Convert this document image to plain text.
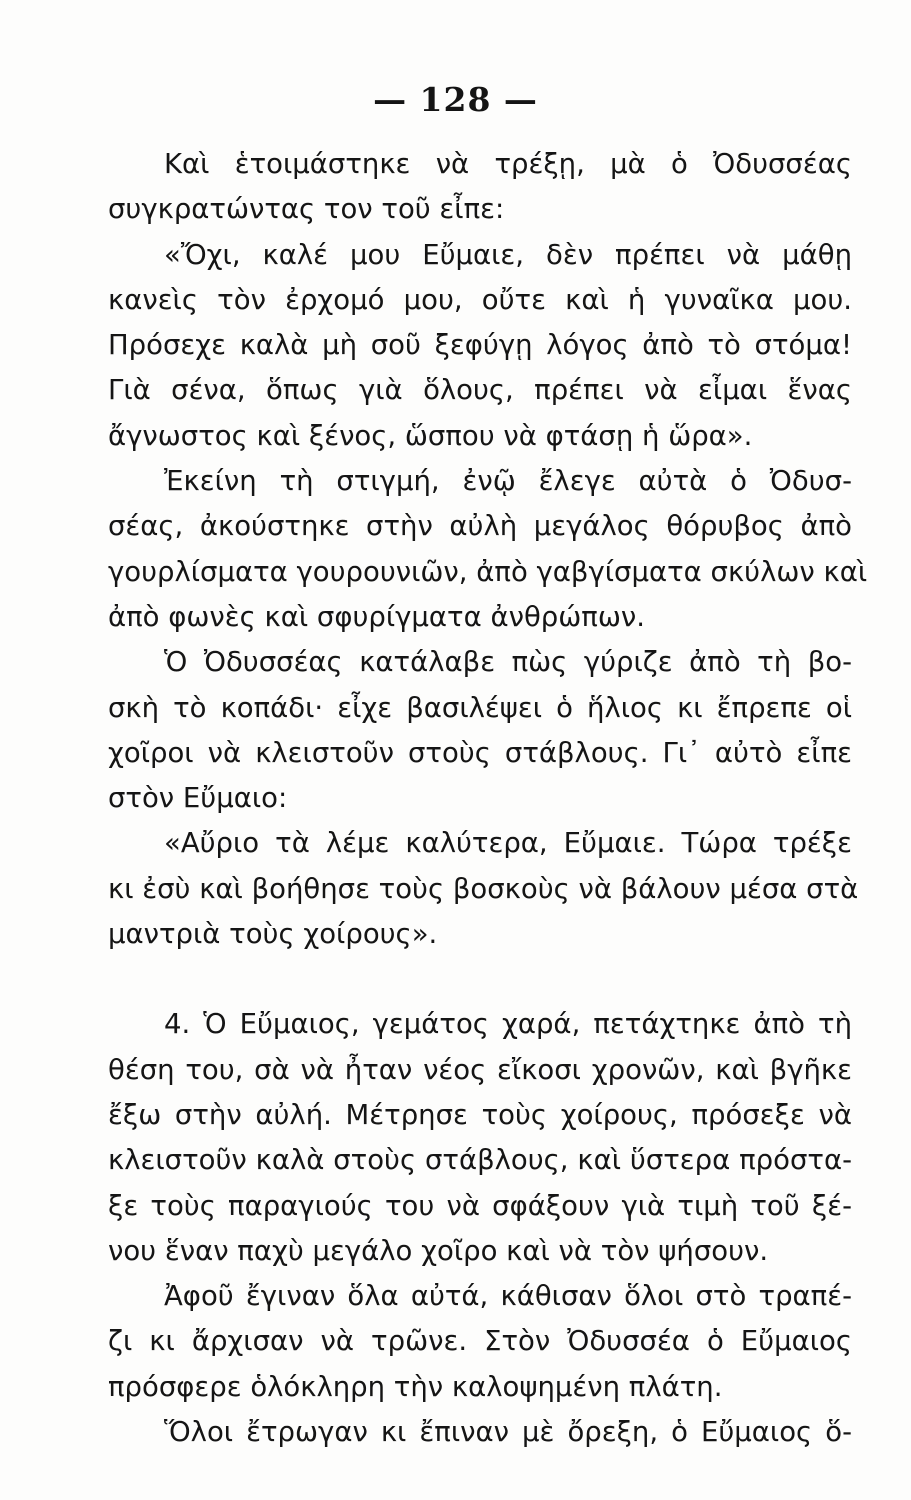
— 128 —
Καὶ ἑτοιμάστηκε νὰ τρέξῃ, μὰ ὁ Ὀδυσσέας
συγκρατώντας τον τοῦ εἶπε:
«Ὄχι, καλέ μου Εὔμαιε, δὲν πρέπει νὰ μάθῃ
κανεὶς τὸν ἐρχομό μου, οὔτε καὶ ἡ γυναῖκα μου.
Πρόσεχε καλὰ μὴ σοῦ ξεφύγῃ λόγος ἀπὸ τὸ στόμα!
Γιὰ σένα, ὅπως γιὰ ὅλους, πρέπει νὰ εἶμαι ἕνας
ἄγνωστος καὶ ξένος, ὥσπου νὰ φτάσῃ ἡ ὥρα».
Ἐκείνη τὴ στιγμή, ἐνῷ ἔλεγε αὐτὰ ὁ Ὀδυσ-
σέας, ἀκούστηκε στὴν αὐλὴ μεγάλος θόρυβος ἀπὸ
γουρλίσματα γουρουνιῶν, ἀπὸ γαβγίσματα σκύλων καὶ
ἀπὸ φωνὲς καὶ σφυρίγματα ἀνθρώπων.
Ὁ Ὀδυσσέας κατάλαβε πὼς γύριζε ἀπὸ τὴ βο-
σκὴ τὸ κοπάδι· εἶχε βασιλέψει ὁ ἥλιος κι ἔπρεπε οἱ
χοῖροι νὰ κλειστοῦν στοὺς στάβλους. Γι᾿ αὐτὸ εἶπε
στὸν Εὔμαιο:
«Αὔριο τὰ λέμε καλύτερα, Εὔμαιε. Τώρα τρέξε
κι ἐσὺ καὶ βοήθησε τοὺς βοσκοὺς νὰ βάλουν μέσα στὰ
μαντριὰ τοὺς χοίρους».
4. Ὁ Εὔμαιος, γεμάτος χαρά, πετάχτηκε ἀπὸ τὴ
θέση του, σὰ νὰ ἦταν νέος εἴκοσι χρονῶν, καὶ βγῆκε
ἔξω στὴν αὐλή. Μέτρησε τοὺς χοίρους, πρόσεξε νὰ
κλειστοῦν καλὰ στοὺς στάβλους, καὶ ὕστερα πρόστα-
ξε τοὺς παραγιούς του νὰ σφάξουν γιὰ τιμὴ τοῦ ξέ-
νου ἕναν παχὺ μεγάλο χοῖρο καὶ νὰ τὸν ψήσουν.
Ἀφοῦ ἔγιναν ὅλα αὐτά, κάθισαν ὅλοι στὸ τραπέ-
ζι κι ἄρχισαν νὰ τρῶνε. Στὸν Ὀδυσσέα ὁ Εὔμαιος
πρόσφερε ὁλόκληρη τὴν καλοψημένη πλάτη.
Ὅλοι ἔτρωγαν κι ἔπιναν μὲ ὄρεξη, ὁ Εὔμαιος ὅ-
